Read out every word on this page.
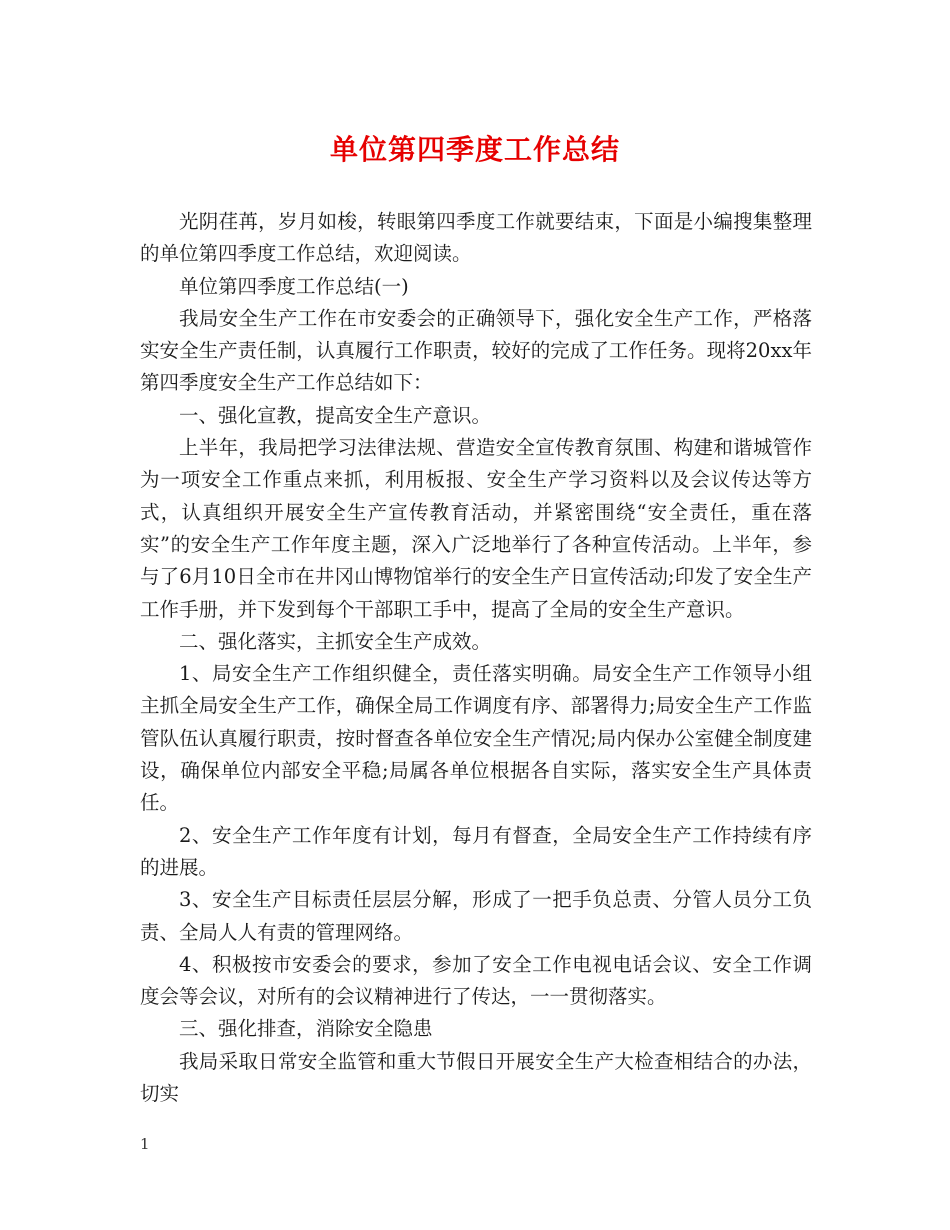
单位第四季度工作总结

光阴荏苒，岁月如梭，转眼第四季度工作就要结束，下面是小编搜集整理的单位第四季度工作总结，欢迎阅读。

单位第四季度工作总结(一)

我局安全生产工作在市安委会的正确领导下，强化安全生产工作，严格落实安全生产责任制，认真履行工作职责，较好的完成了工作任务。现将20xx年第四季度安全生产工作总结如下：

一、强化宣教，提高安全生产意识。

上半年，我局把学习法律法规、营造安全宣传教育氛围、构建和谐城管作为一项安全工作重点来抓，利用板报、安全生产学习资料以及会议传达等方式，认真组织开展安全生产宣传教育活动，并紧密围绕“安全责任，重在落实”的安全生产工作年度主题，深入广泛地举行了各种宣传活动。上半年，参与了6月10日全市在井冈山博物馆举行的安全生产日宣传活动;印发了安全生产工作手册，并下发到每个干部职工手中，提高了全局的安全生产意识。

二、强化落实，主抓安全生产成效。

1、局安全生产工作组织健全，责任落实明确。局安全生产工作领导小组主抓全局安全生产工作，确保全局工作调度有序、部署得力;局安全生产工作监管队伍认真履行职责，按时督查各单位安全生产情况;局内保办公室健全制度建设，确保单位内部安全平稳;局属各单位根据各自实际，落实安全生产具体责任。

2、安全生产工作年度有计划，每月有督查，全局安全生产工作持续有序的进展。

3、安全生产目标责任层层分解，形成了一把手负总责、分管人员分工负责、全局人人有责的管理网络。

4、积极按市安委会的要求，参加了安全工作电视电话会议、安全工作调度会等会议，对所有的会议精神进行了传达，一一贯彻落实。

三、强化排查，消除安全隐患

我局采取日常安全监管和重大节假日开展安全生产大检查相结合的办法，切实

1
